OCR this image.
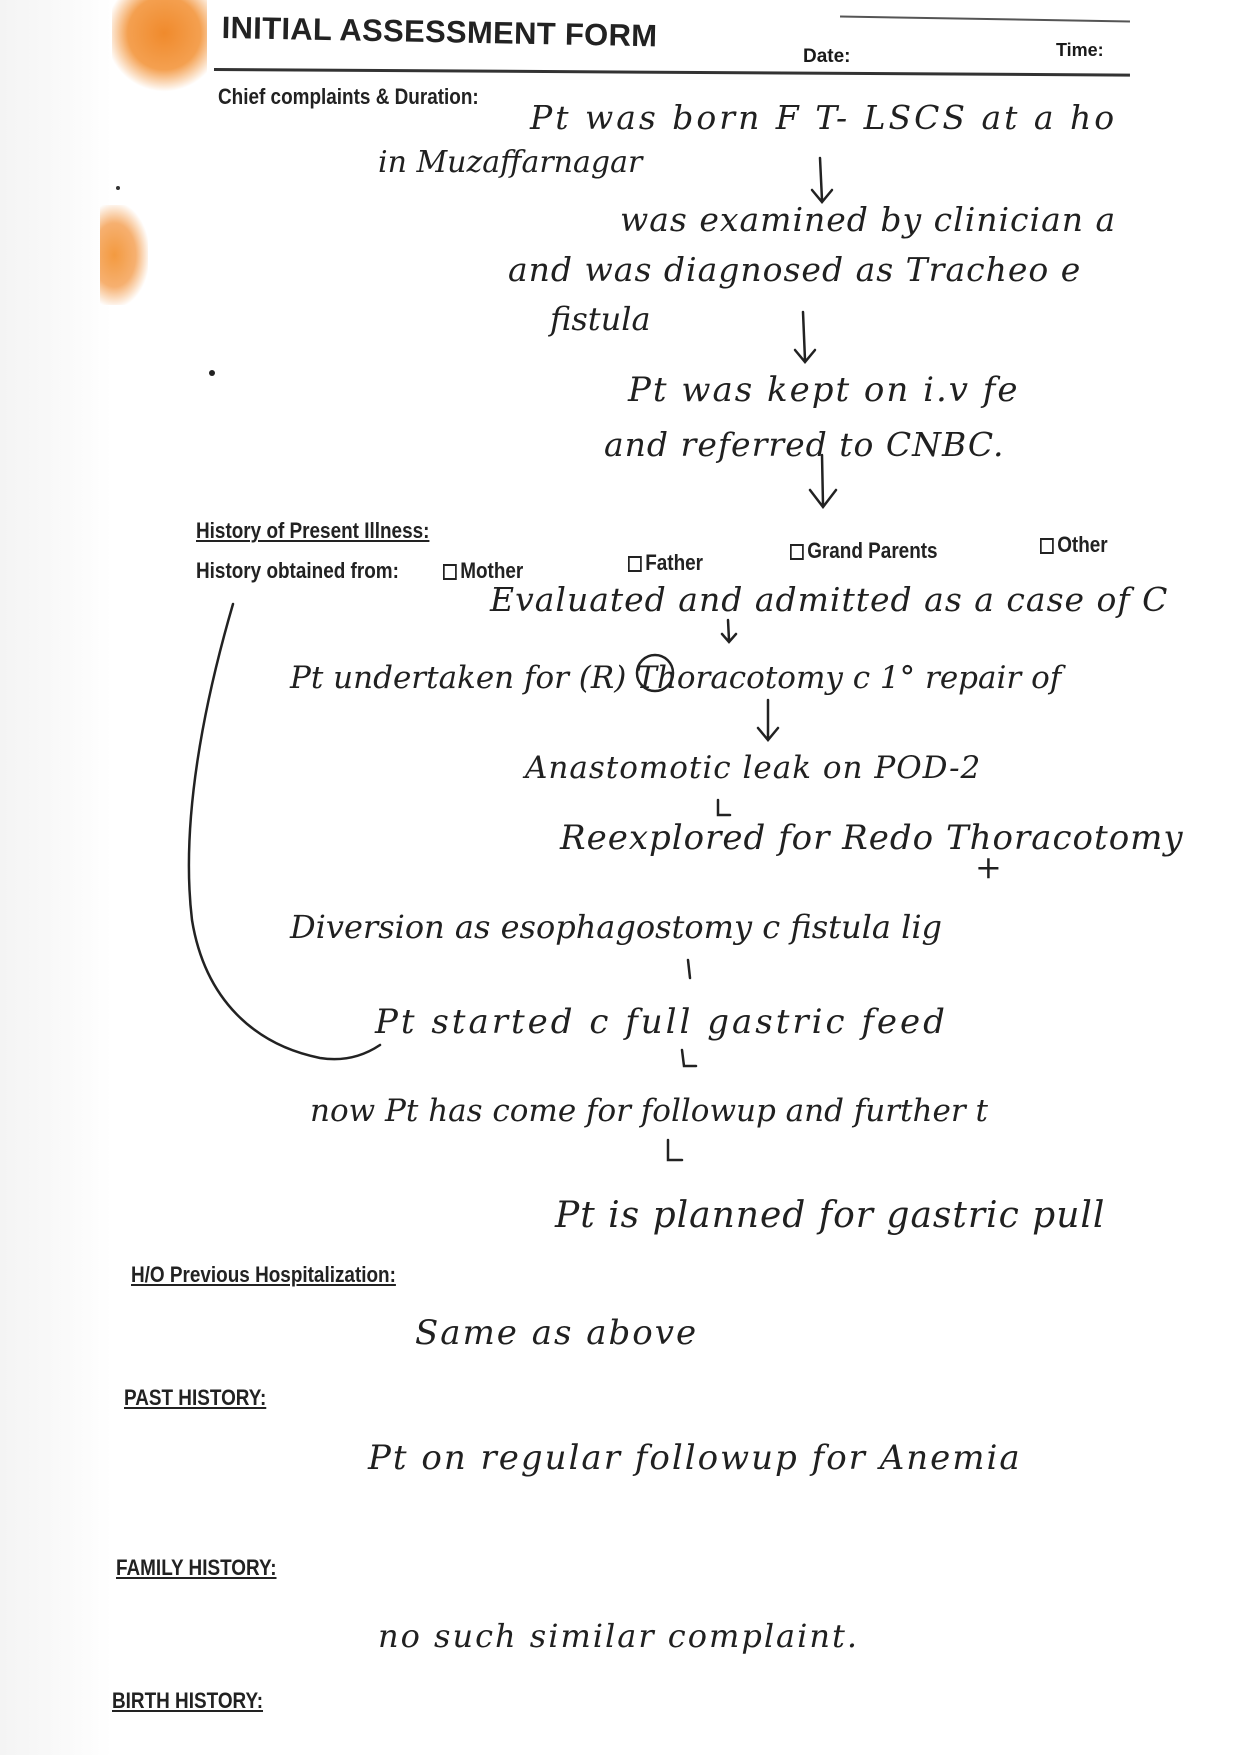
INITIAL ASSESSMENT FORM
Date:	Time:
Chief complaints & Duration:
Pt was born F T- LSCS at a ho
in Muzaffarnagar
was examined by clinician a
and was diagnosed as Tracheo e
fistula
Pt was kept on i.v fe
and referred to CNBC.
History of Present Illness:
History obtained from:	Mother	Father	Grand Parents	Other
Evaluated and admitted as a case of C
Pt undertaken for (R) Thoracotomy c 1° repair of
Anastomotic leak on POD-2
Reexplored for Redo Thoracotomy
+
Diversion as esophagostomy c fistula lig
Pt started c full gastric feed
now Pt has come for followup and further t
Pt is planned for gastric pull
H/O Previous Hospitalization:
Same as above
PAST HISTORY:
Pt on regular followup for Anemia
FAMILY HISTORY:
no such similar complaint.
BIRTH HISTORY:
